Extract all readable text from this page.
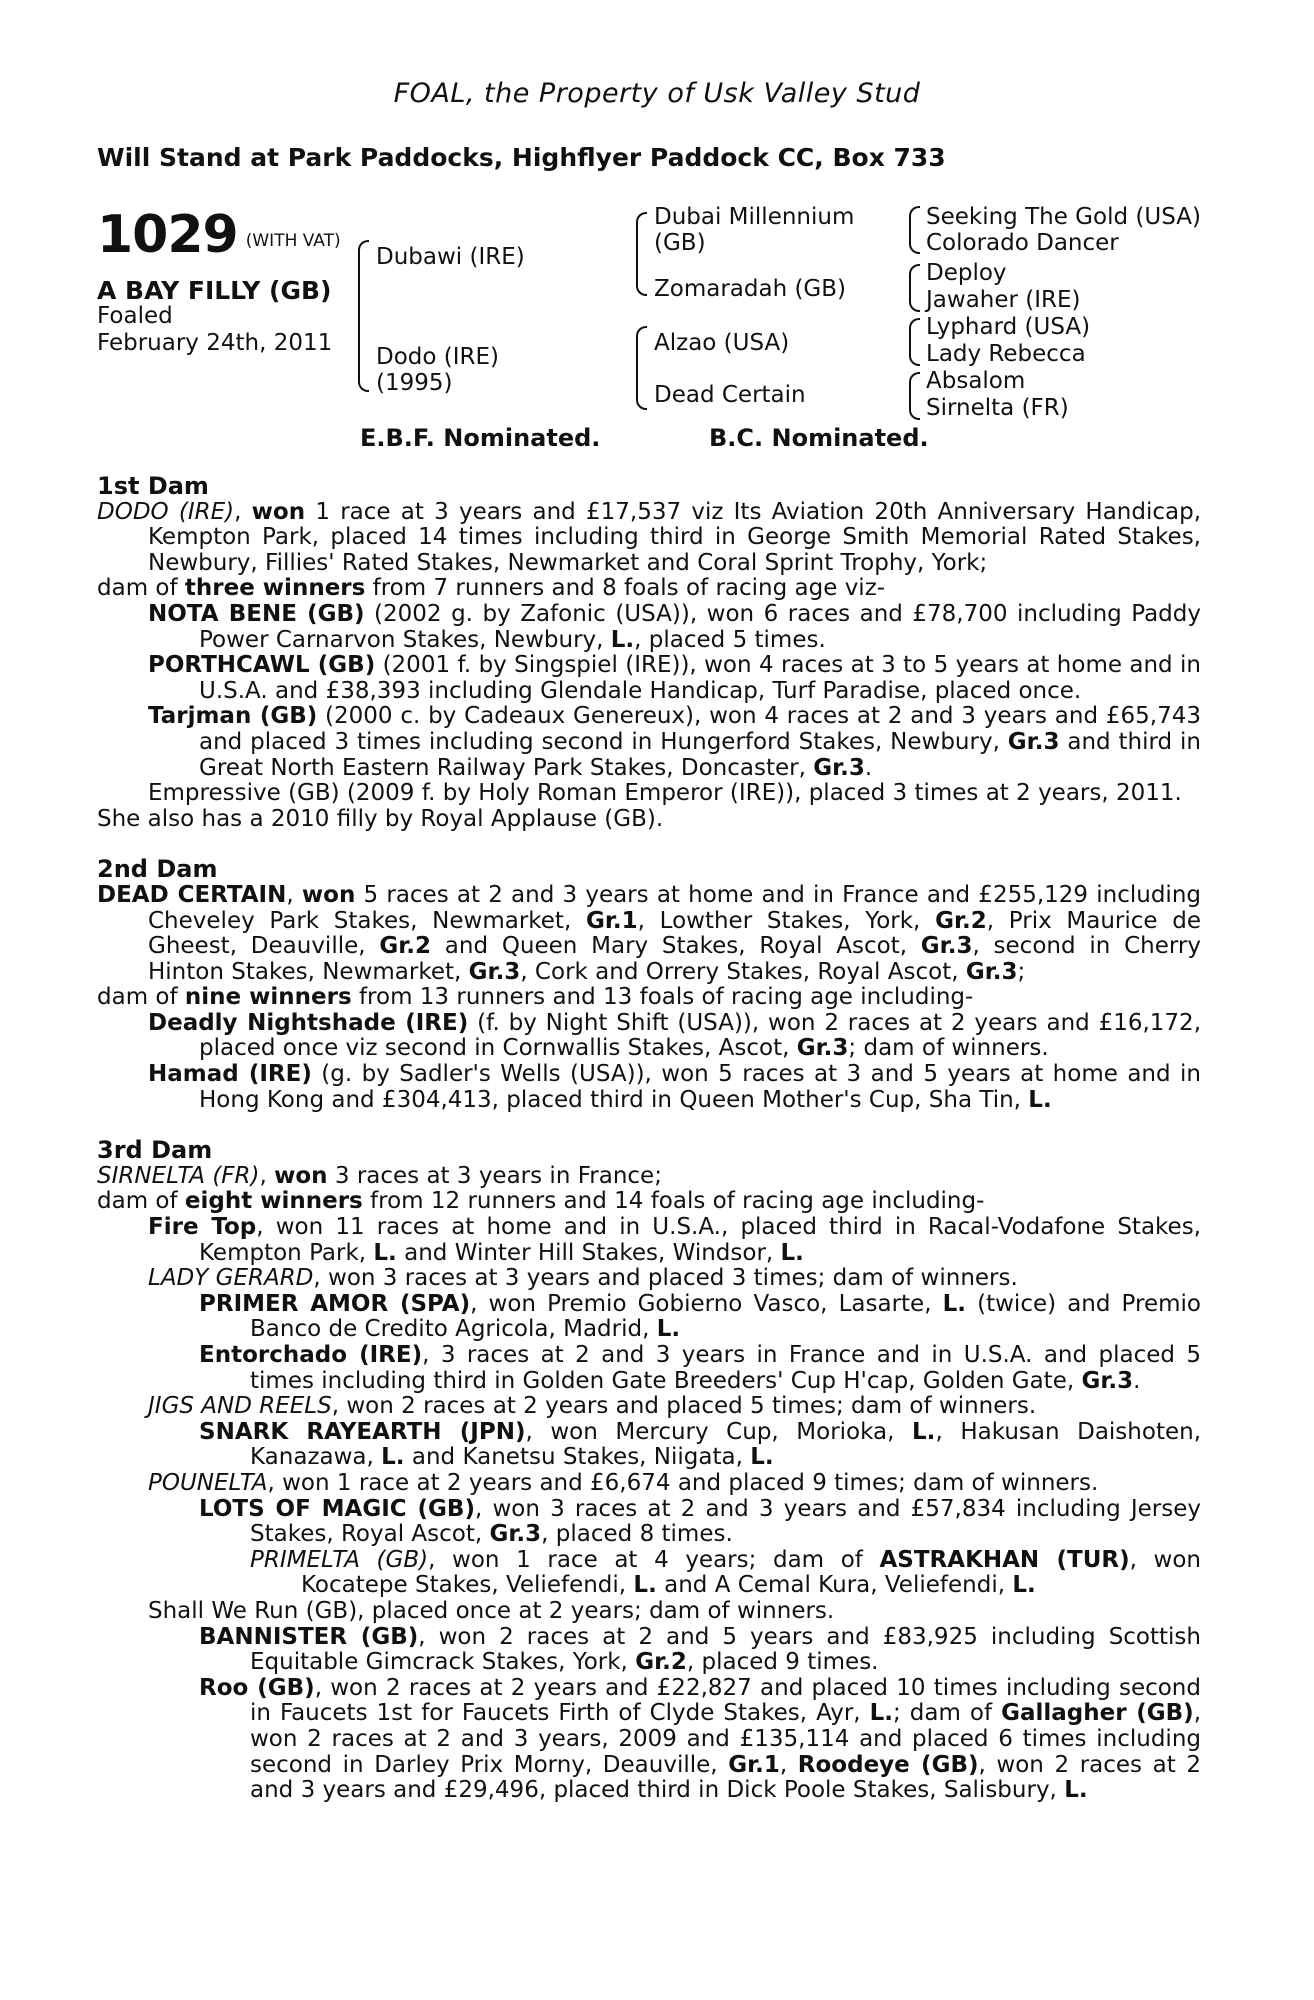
FOAL, the Property of Usk Valley Stud
Will Stand at Park Paddocks, Highflyer Paddock CC, Box 733
1029 (WITH VAT)
A BAY FILLY (GB)
Foaled
February 24th, 2011
Dubawi (IRE)
Dodo (IRE)
(1995)
Dubai Millennium
(GB)
Zomaradah (GB)
Alzao (USA)
Dead Certain
Seeking The Gold (USA)
Colorado Dancer
Deploy
Jawaher (IRE)
Lyphard (USA)
Lady Rebecca
Absalom
Sirnelta (FR)
E.B.F. Nominated.	B.C. Nominated.
1st Dam

DODO (IRE), won 1 race at 3 years and £17,537 viz Its Aviation 20th Anniversary Handicap, Kempton Park, placed 14 times including third in George Smith Memorial Rated Stakes, Newbury, Fillies' Rated Stakes, Newmarket and Coral Sprint Trophy, York;

dam of three winners from 7 runners and 8 foals of racing age viz-

NOTA BENE (GB) (2002 g. by Zafonic (USA)), won 6 races and £78,700 including Paddy Power Carnarvon Stakes, Newbury, L., placed 5 times.

PORTHCAWL (GB) (2001 f. by Singspiel (IRE)), won 4 races at 3 to 5 years at home and in U.S.A. and £38,393 including Glendale Handicap, Turf Paradise, placed once.

Tarjman (GB) (2000 c. by Cadeaux Genereux), won 4 races at 2 and 3 years and £65,743 and placed 3 times including second in Hungerford Stakes, Newbury, Gr.3 and third in Great North Eastern Railway Park Stakes, Doncaster, Gr.3.

Empressive (GB) (2009 f. by Holy Roman Emperor (IRE)), placed 3 times at 2 years, 2011.

She also has a 2010 filly by Royal Applause (GB).

2nd Dam

DEAD CERTAIN, won 5 races at 2 and 3 years at home and in France and £255,129 including Cheveley Park Stakes, Newmarket, Gr.1, Lowther Stakes, York, Gr.2, Prix Maurice de Gheest, Deauville, Gr.2 and Queen Mary Stakes, Royal Ascot, Gr.3, second in Cherry Hinton Stakes, Newmarket, Gr.3, Cork and Orrery Stakes, Royal Ascot, Gr.3;

dam of nine winners from 13 runners and 13 foals of racing age including-

Deadly Nightshade (IRE) (f. by Night Shift (USA)), won 2 races at 2 years and £16,172, placed once viz second in Cornwallis Stakes, Ascot, Gr.3; dam of winners.

Hamad (IRE) (g. by Sadler's Wells (USA)), won 5 races at 3 and 5 years at home and in Hong Kong and £304,413, placed third in Queen Mother's Cup, Sha Tin, L.

3rd Dam

SIRNELTA (FR), won 3 races at 3 years in France;

dam of eight winners from 12 runners and 14 foals of racing age including-

Fire Top, won 11 races at home and in U.S.A., placed third in Racal-Vodafone Stakes, Kempton Park, L. and Winter Hill Stakes, Windsor, L.

LADY GERARD, won 3 races at 3 years and placed 3 times; dam of winners.

PRIMER AMOR (SPA), won Premio Gobierno Vasco, Lasarte, L. (twice) and Premio Banco de Credito Agricola, Madrid, L.

Entorchado (IRE), 3 races at 2 and 3 years in France and in U.S.A. and placed 5 times including third in Golden Gate Breeders' Cup H'cap, Golden Gate, Gr.3.

JIGS AND REELS, won 2 races at 2 years and placed 5 times; dam of winners.

SNARK RAYEARTH (JPN), won Mercury Cup, Morioka, L., Hakusan Daishoten, Kanazawa, L. and Kanetsu Stakes, Niigata, L.

POUNELTA, won 1 race at 2 years and £6,674 and placed 9 times; dam of winners.

LOTS OF MAGIC (GB), won 3 races at 2 and 3 years and £57,834 including Jersey Stakes, Royal Ascot, Gr.3, placed 8 times.

PRIMELTA (GB), won 1 race at 4 years; dam of ASTRAKHAN (TUR), won Kocatepe Stakes, Veliefendi, L. and A Cemal Kura, Veliefendi, L.

Shall We Run (GB), placed once at 2 years; dam of winners.

BANNISTER (GB), won 2 races at 2 and 5 years and £83,925 including Scottish Equitable Gimcrack Stakes, York, Gr.2, placed 9 times.

Roo (GB), won 2 races at 2 years and £22,827 and placed 10 times including second in Faucets 1st for Faucets Firth of Clyde Stakes, Ayr, L.; dam of Gallagher (GB), won 2 races at 2 and 3 years, 2009 and £135,114 and placed 6 times including second in Darley Prix Morny, Deauville, Gr.1, Roodeye (GB), won 2 races at 2 and 3 years and £29,496, placed third in Dick Poole Stakes, Salisbury, L.
